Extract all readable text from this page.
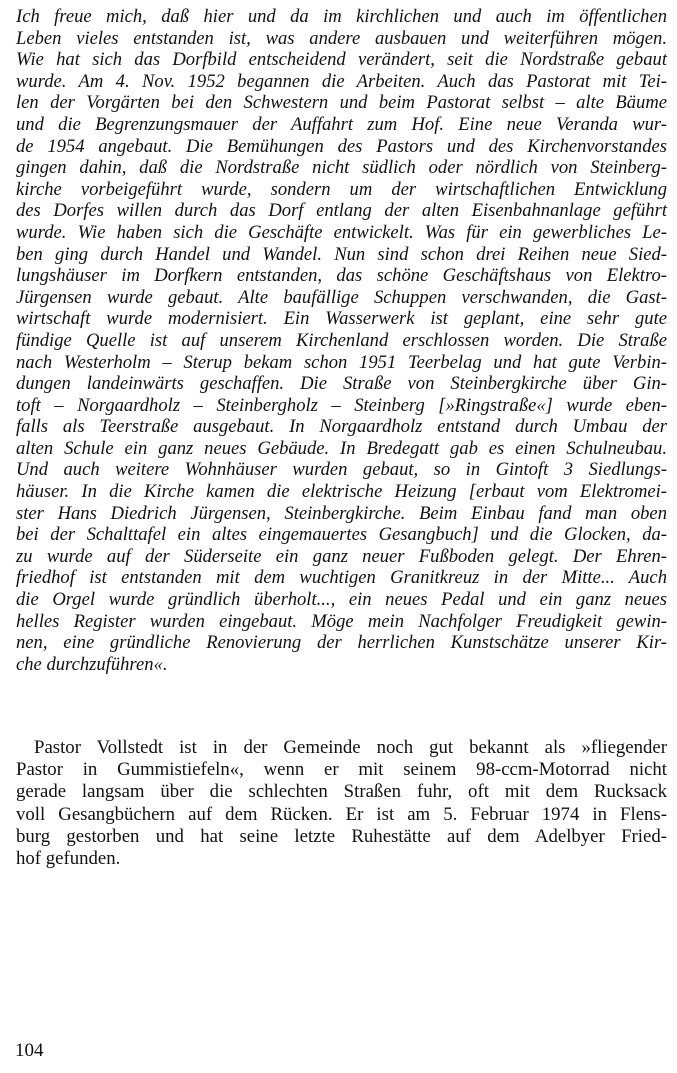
Ich freue mich, daß hier und da im kirchlichen und auch im öffentlichen
Leben vieles entstanden ist, was andere ausbauen und weiterführen mögen.
Wie hat sich das Dorfbild entscheidend verändert, seit die Nordstraße gebaut
wurde. Am 4. Nov. 1952 begannen die Arbeiten. Auch das Pastorat mit Tei-
len der Vorgärten bei den Schwestern und beim Pastorat selbst – alte Bäume
und die Begrenzungsmauer der Auffahrt zum Hof. Eine neue Veranda wur-
de 1954 angebaut. Die Bemühungen des Pastors und des Kirchenvorstandes
gingen dahin, daß die Nordstraße nicht südlich oder nördlich von Steinberg-
kirche vorbeigeführt wurde, sondern um der wirtschaftlichen Entwicklung
des Dorfes willen durch das Dorf entlang der alten Eisenbahnanlage geführt
wurde. Wie haben sich die Geschäfte entwickelt. Was für ein gewerbliches Le-
ben ging durch Handel und Wandel. Nun sind schon drei Reihen neue Sied-
lungshäuser im Dorfkern entstanden, das schöne Geschäftshaus von Elektro-
Jürgensen wurde gebaut. Alte baufällige Schuppen verschwanden, die Gast-
wirtschaft wurde modernisiert. Ein Wasserwerk ist geplant, eine sehr gute
fündige Quelle ist auf unserem Kirchenland erschlossen worden. Die Straße
nach Westerholm – Sterup bekam schon 1951 Teerbelag und hat gute Verbin-
dungen landeinwärts geschaffen. Die Straße von Steinbergkirche über Gin-
toft – Norgaardholz – Steinbergholz – Steinberg [»Ringstraße«] wurde eben-
falls als Teerstraße ausgebaut. In Norgaardholz entstand durch Umbau der
alten Schule ein ganz neues Gebäude. In Bredegatt gab es einen Schulneubau.
Und auch weitere Wohnhäuser wurden gebaut, so in Gintoft 3 Siedlungs-
häuser. In die Kirche kamen die elektrische Heizung [erbaut vom Elektromei-
ster Hans Diedrich Jürgensen, Steinbergkirche. Beim Einbau fand man oben
bei der Schalttafel ein altes eingemauertes Gesangbuch] und die Glocken, da-
zu wurde auf der Süderseite ein ganz neuer Fußboden gelegt. Der Ehren-
friedhof ist entstanden mit dem wuchtigen Granitkreuz in der Mitte... Auch
die Orgel wurde gründlich überholt..., ein neues Pedal und ein ganz neues
helles Register wurden eingebaut. Möge mein Nachfolger Freudigkeit gewin-
nen, eine gründliche Renovierung der herrlichen Kunstschätze unserer Kir-
che durchzuführen«.
Pastor Vollstedt ist in der Gemeinde noch gut bekannt als »fliegender
Pastor in Gummistiefeln«, wenn er mit seinem 98-ccm-Motorrad nicht
gerade langsam über die schlechten Straßen fuhr, oft mit dem Rucksack
voll Gesangbüchern auf dem Rücken. Er ist am 5. Februar 1974 in Flens-
burg gestorben und hat seine letzte Ruhestätte auf dem Adelbyer Fried-
hof gefunden.
104
